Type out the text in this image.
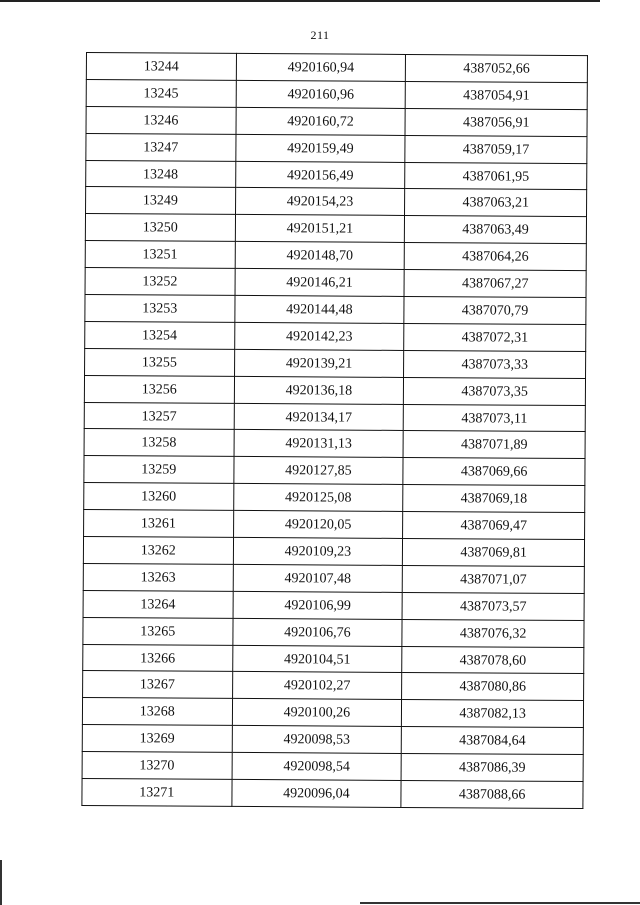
211
13244	4920160,94	4387052,66
13245	4920160,96	4387054,91
13246	4920160,72	4387056,91
13247	4920159,49	4387059,17
13248	4920156,49	4387061,95
13249	4920154,23	4387063,21
13250	4920151,21	4387063,49
13251	4920148,70	4387064,26
13252	4920146,21	4387067,27
13253	4920144,48	4387070,79
13254	4920142,23	4387072,31
13255	4920139,21	4387073,33
13256	4920136,18	4387073,35
13257	4920134,17	4387073,11
13258	4920131,13	4387071,89
13259	4920127,85	4387069,66
13260	4920125,08	4387069,18
13261	4920120,05	4387069,47
13262	4920109,23	4387069,81
13263	4920107,48	4387071,07
13264	4920106,99	4387073,57
13265	4920106,76	4387076,32
13266	4920104,51	4387078,60
13267	4920102,27	4387080,86
13268	4920100,26	4387082,13
13269	4920098,53	4387084,64
13270	4920098,54	4387086,39
13271	4920096,04	4387088,66
